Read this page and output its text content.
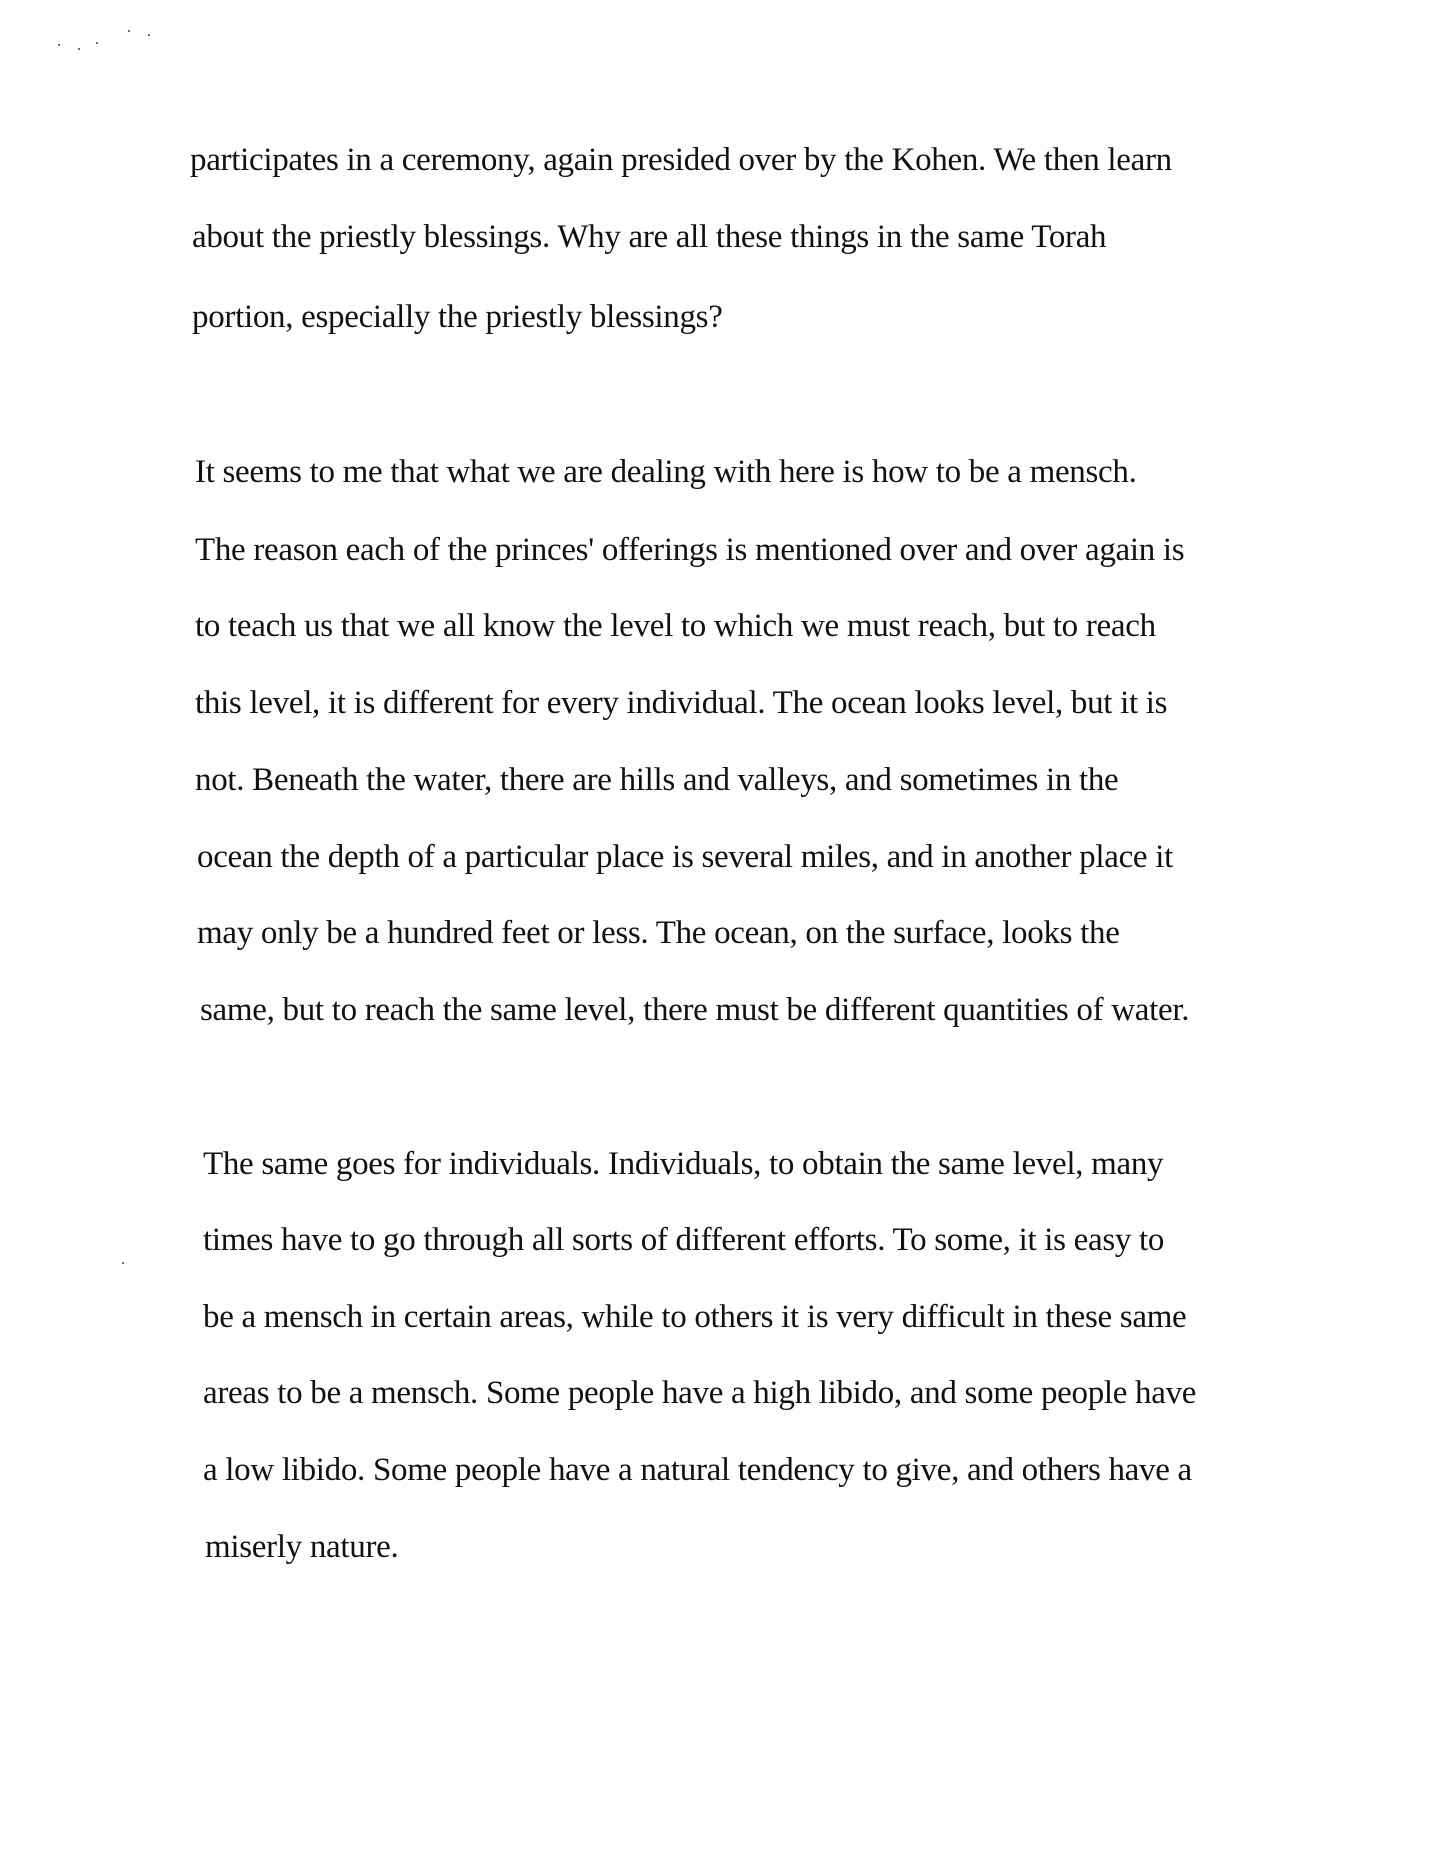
participates in a ceremony, again presided over by the Kohen. We then learn
about the priestly blessings. Why are all these things in the same Torah
portion, especially the priestly blessings?
It seems to me that what we are dealing with here is how to be a mensch.
The reason each of the princes' offerings is mentioned over and over again is
to teach us that we all know the level to which we must reach, but to reach
this level, it is different for every individual. The ocean looks level, but it is
not. Beneath the water, there are hills and valleys, and sometimes in the
ocean the depth of a particular place is several miles, and in another place it
may only be a hundred feet or less. The ocean, on the surface, looks the
same, but to reach the same level, there must be different quantities of water.
The same goes for individuals. Individuals, to obtain the same level, many
times have to go through all sorts of different efforts. To some, it is easy to
be a mensch in certain areas, while to others it is very difficult in these same
areas to be a mensch. Some people have a high libido, and some people have
a low libido. Some people have a natural tendency to give, and others have a
miserly nature.
